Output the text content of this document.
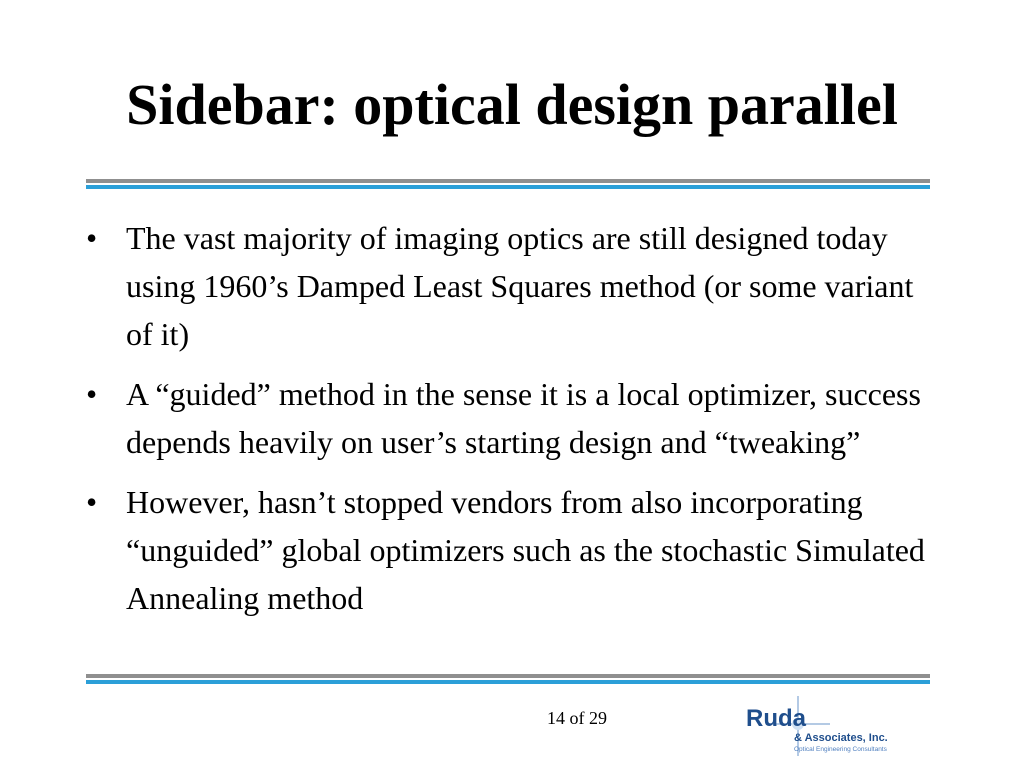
Sidebar: optical design parallel
• The vast majority of imaging optics are still designed today using 1960’s Damped Least Squares method (or some variant of it)
• A “guided” method in the sense it is a local optimizer, success depends heavily on user’s starting design and “tweaking”
• However, hasn’t stopped vendors from also incorporating “unguided” global optimizers such as the stochastic Simulated Annealing method
14 of 29	Ruda
& Associates, Inc.
Optical Engineering Consultants
